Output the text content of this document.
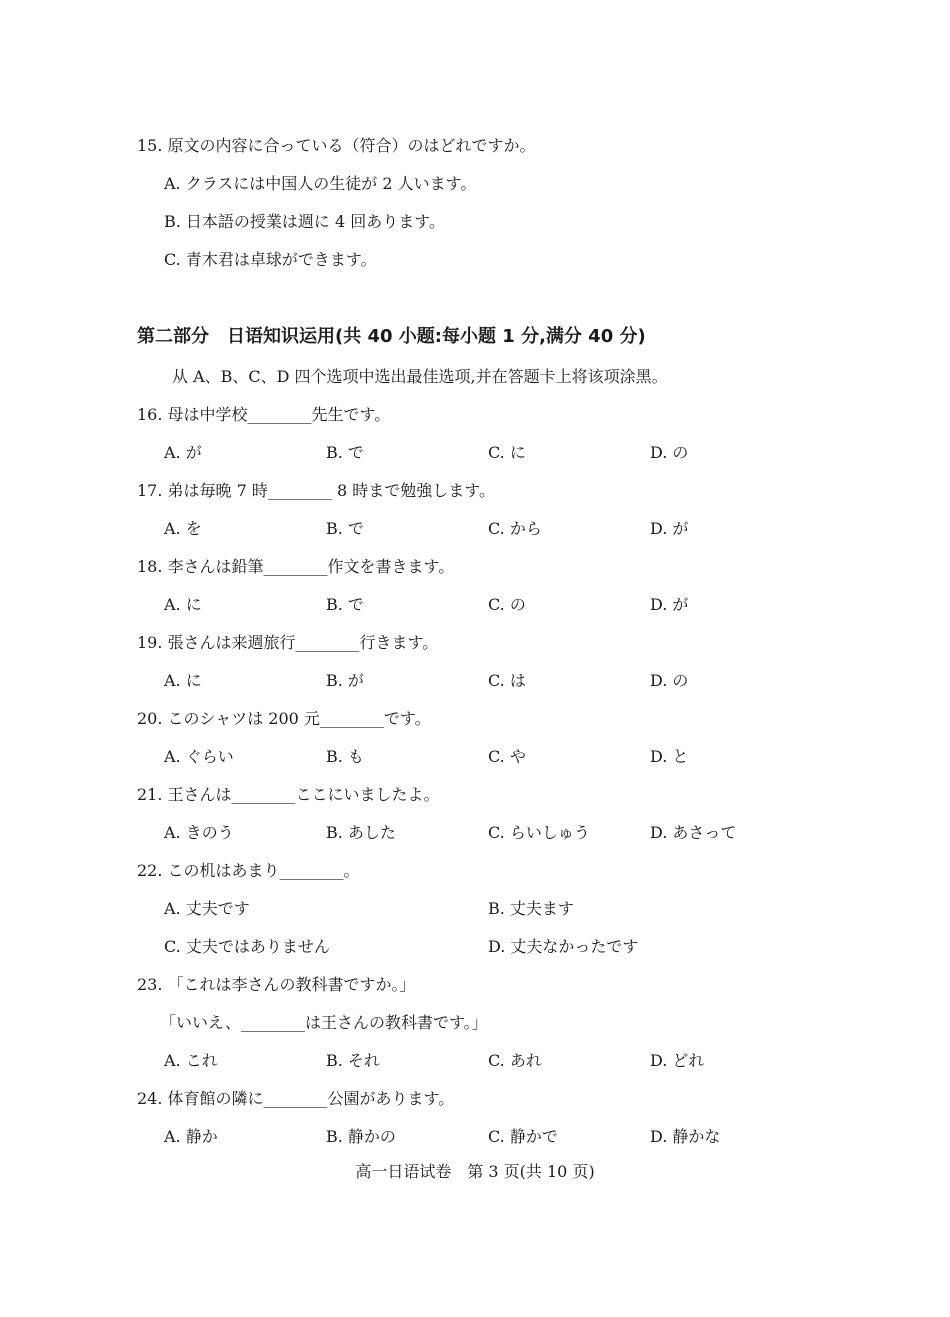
15. 原文の内容に合っている（符合）のはどれですか。
A. クラスには中国人の生徒が 2 人います。
B. 日本語の授業は週に 4 回あります。
C. 青木君は卓球ができます。
第二部分　日语知识运用(共 40 小题:每小题 1 分,满分 40 分)
从 A、B、C、D 四个选项中选出最佳选项,并在答题卡上将该项涂黑。
16. 母は中学校________先生です。
A. が	B. で	C. に	D. の
17. 弟は毎晩 7 時________ 8 時まで勉強します。
A. を	B. で	C. から	D. が
18. 李さんは鉛筆________作文を書きます。
A. に	B. で	C. の	D. が
19. 張さんは来週旅行________行きます。
A. に	B. が	C. は	D. の
20. このシャツは 200 元________です。
A. ぐらい	B. も	C. や	D. と
21. 王さんは________ここにいましたよ。
A. きのう	B. あした	C. らいしゅう	D. あさって
22. この机はあまり________。
A. 丈夫です	B. 丈夫ます
C. 丈夫ではありません	D. 丈夫なかったです
23. 「これは李さんの教科書ですか。」
「いいえ、________は王さんの教科書です。」
A. これ	B. それ	C. あれ	D. どれ
24. 体育館の隣に________公園があります。
A. 静か	B. 静かの	C. 静かで	D. 静かな
高一日语试卷　第 3 页(共 10 页)
